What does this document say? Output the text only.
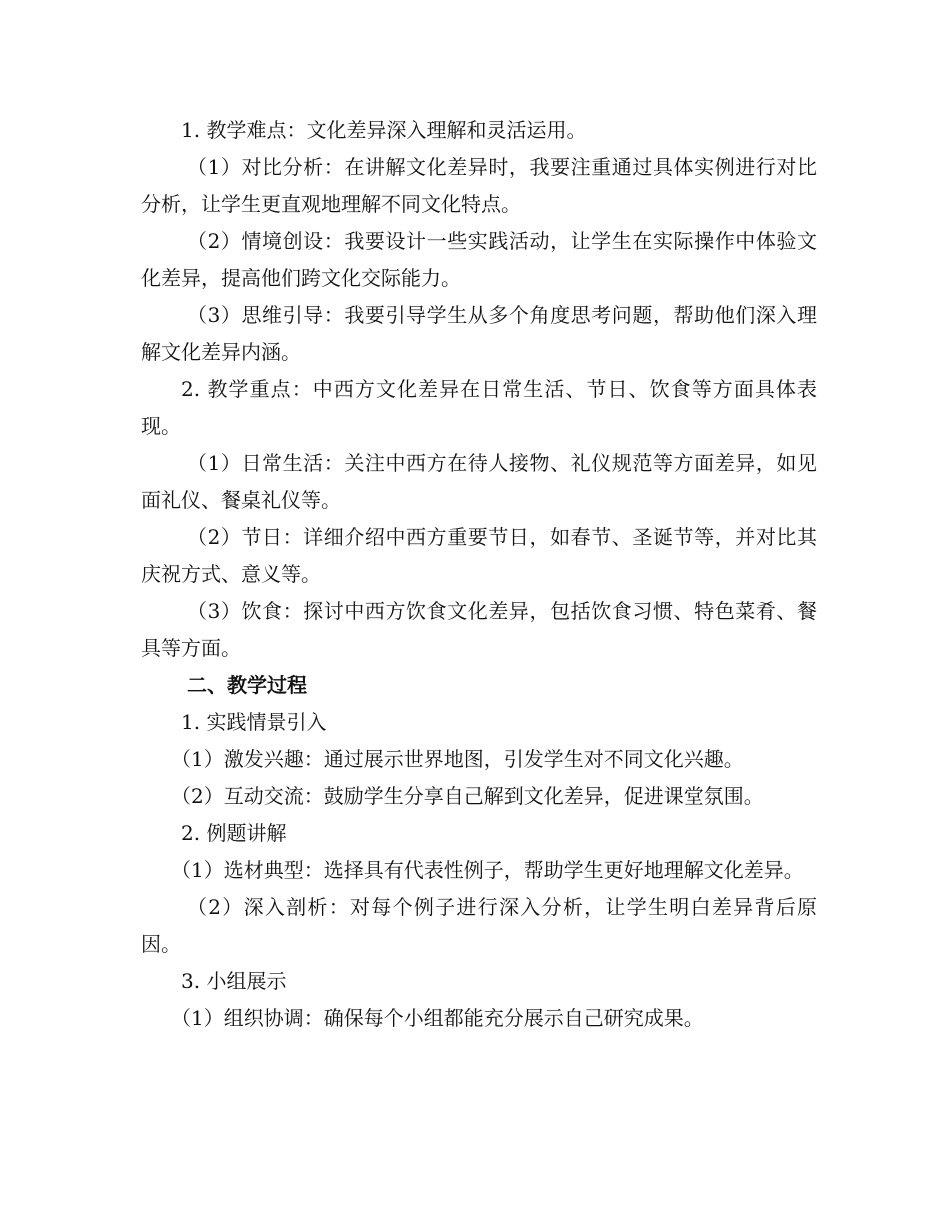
1. 教学难点：文化差异深入理解和灵活运用。

（1）对比分析：在讲解文化差异时，我要注重通过具体实例进行对比分析，让学生更直观地理解不同文化特点。

（2）情境创设：我要设计一些实践活动，让学生在实际操作中体验文化差异，提高他们跨文化交际能力。

（3）思维引导：我要引导学生从多个角度思考问题，帮助他们深入理解文化差异内涵。

2. 教学重点：中西方文化差异在日常生活、节日、饮食等方面具体表现。

（1）日常生活：关注中西方在待人接物、礼仪规范等方面差异，如见面礼仪、餐桌礼仪等。

（2）节日：详细介绍中西方重要节日，如春节、圣诞节等，并对比其庆祝方式、意义等。

（3）饮食：探讨中西方饮食文化差异，包括饮食习惯、特色菜肴、餐具等方面。

二、教学过程

1. 实践情景引入

（1）激发兴趣：通过展示世界地图，引发学生对不同文化兴趣。

（2）互动交流：鼓励学生分享自己解到文化差异，促进课堂氛围。

2. 例题讲解

（1）选材典型：选择具有代表性例子，帮助学生更好地理解文化差异。

（2）深入剖析：对每个例子进行深入分析，让学生明白差异背后原因。

3. 小组展示

（1）组织协调：确保每个小组都能充分展示自己研究成果。
